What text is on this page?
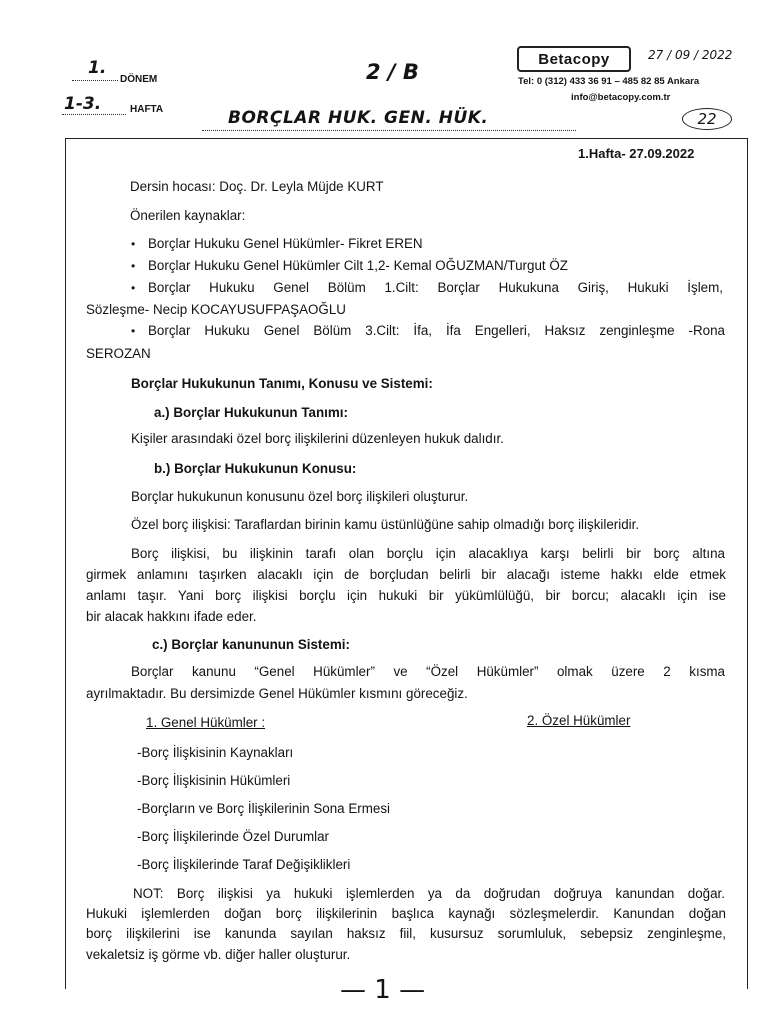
1.
DÖNEM
1-3.	HAFTA
2 / B
BORÇLAR HUK. GEN. HÜK.
Betacopy	27 / 09 / 2022
Tel: 0 (312) 433 36 91 – 485 82 85 Ankara
info@betacopy.com.tr
22
1.Hafta- 27.09.2022
Dersin hocası: Doç. Dr. Leyla Müjde KURT
Önerilen kaynaklar:
• Borçlar Hukuku Genel Hükümler- Fikret EREN
• Borçlar Hukuku Genel Hükümler Cilt 1,2- Kemal OĞUZMAN/Turgut ÖZ
• Borçlar Hukuku Genel Bölüm 1.Cilt: Borçlar Hukukuna Giriş, Hukuki İşlem,
Sözleşme- Necip KOCAYUSUFPAŞAOĞLU
• Borçlar Hukuku Genel Bölüm 3.Cilt: İfa, İfa Engelleri, Haksız zenginleşme -Rona
SEROZAN
Borçlar Hukukunun Tanımı, Konusu ve Sistemi:
a.) Borçlar Hukukunun Tanımı:
Kişiler arasındaki özel borç ilişkilerini düzenleyen hukuk dalıdır.
b.) Borçlar Hukukunun Konusu:
Borçlar hukukunun konusunu özel borç ilişkileri oluşturur.
Özel borç ilişkisi: Taraflardan birinin kamu üstünlüğüne sahip olmadığı borç ilişkileridir.
Borç ilişkisi, bu ilişkinin tarafı olan borçlu için alacaklıya karşı belirli bir borç altına
girmek anlamını taşırken alacaklı için de borçludan belirli bir alacağı isteme hakkı elde etmek
anlamı taşır. Yani borç ilişkisi borçlu için hukuki bir yükümlülüğü, bir borcu; alacaklı için ise
bir alacak hakkını ifade eder.
c.) Borçlar kanununun Sistemi:
Borçlar kanunu “Genel Hükümler” ve “Özel Hükümler” olmak üzere 2 kısma
ayrılmaktadır. Bu dersimizde Genel Hükümler kısmını göreceğiz.
1. Genel Hükümler :	2. Özel Hükümler
-Borç İlişkisinin Kaynakları
-Borç İlişkisinin Hükümleri
-Borçların ve Borç İlişkilerinin Sona Ermesi
-Borç İlişkilerinde Özel Durumlar
-Borç İlişkilerinde Taraf Değişiklikleri
NOT: Borç ilişkisi ya hukuki işlemlerden ya da doğrudan doğruya kanundan doğar.
Hukuki işlemlerden doğan borç ilişkilerinin başlıca kaynağı sözleşmelerdir. Kanundan doğan
borç ilişkilerini ise kanunda sayılan haksız fiil, kusursuz sorumluluk, sebepsiz zenginleşme,
vekaletsiz iş görme vb. diğer haller oluşturur.
— 1 —
